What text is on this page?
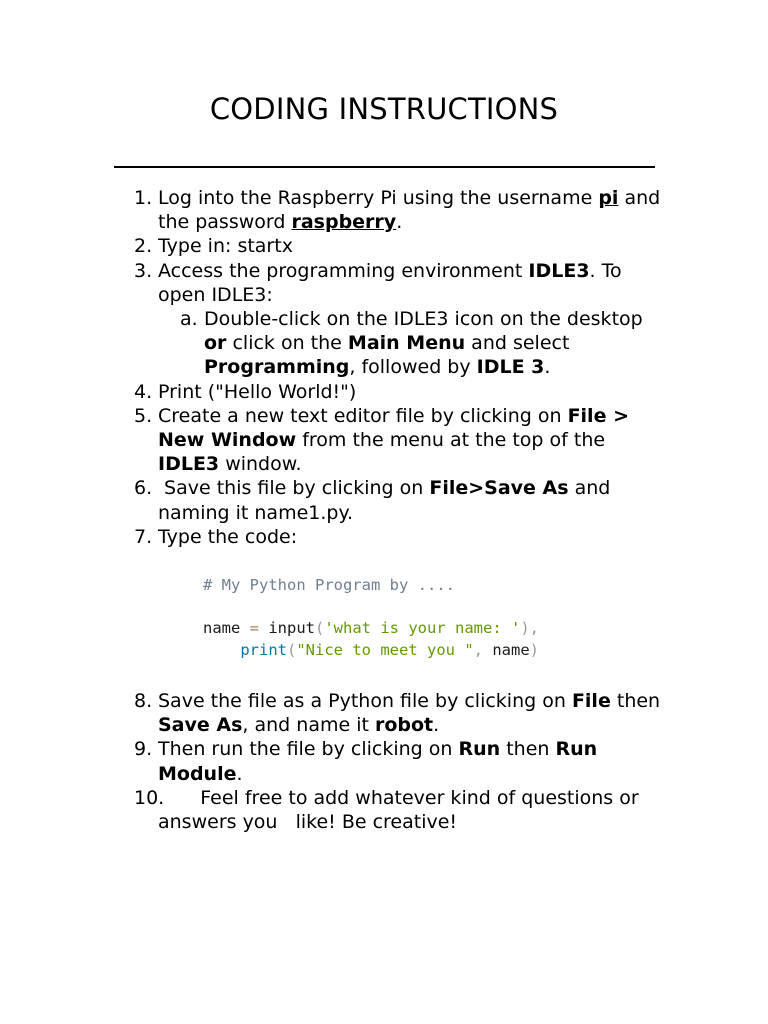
CODING INSTRUCTIONS
1. Log into the Raspberry Pi using the username pi and the password raspberry.
2. Type in: startx
3. Access the programming environment IDLE3. To open IDLE3:
a. Double-click on the IDLE3 icon on the desktop or click on the Main Menu and select Programming, followed by IDLE 3.
4. Print ("Hello World!")
5. Create a new text editor file by clicking on File > New Window from the menu at the top of the IDLE3 window.
6. Save this file by clicking on File>Save As and naming it name1.py.
7. Type the code:
# My Python Program by ....
name = input('what is your name: '),
print("Nice to meet you ", name)
8. Save the file as a Python file by clicking on File then Save As, and name it robot.
9. Then run the file by clicking on Run then Run Module.
10.
Feel free to add whatever kind of questions or answers you   like! Be creative!
